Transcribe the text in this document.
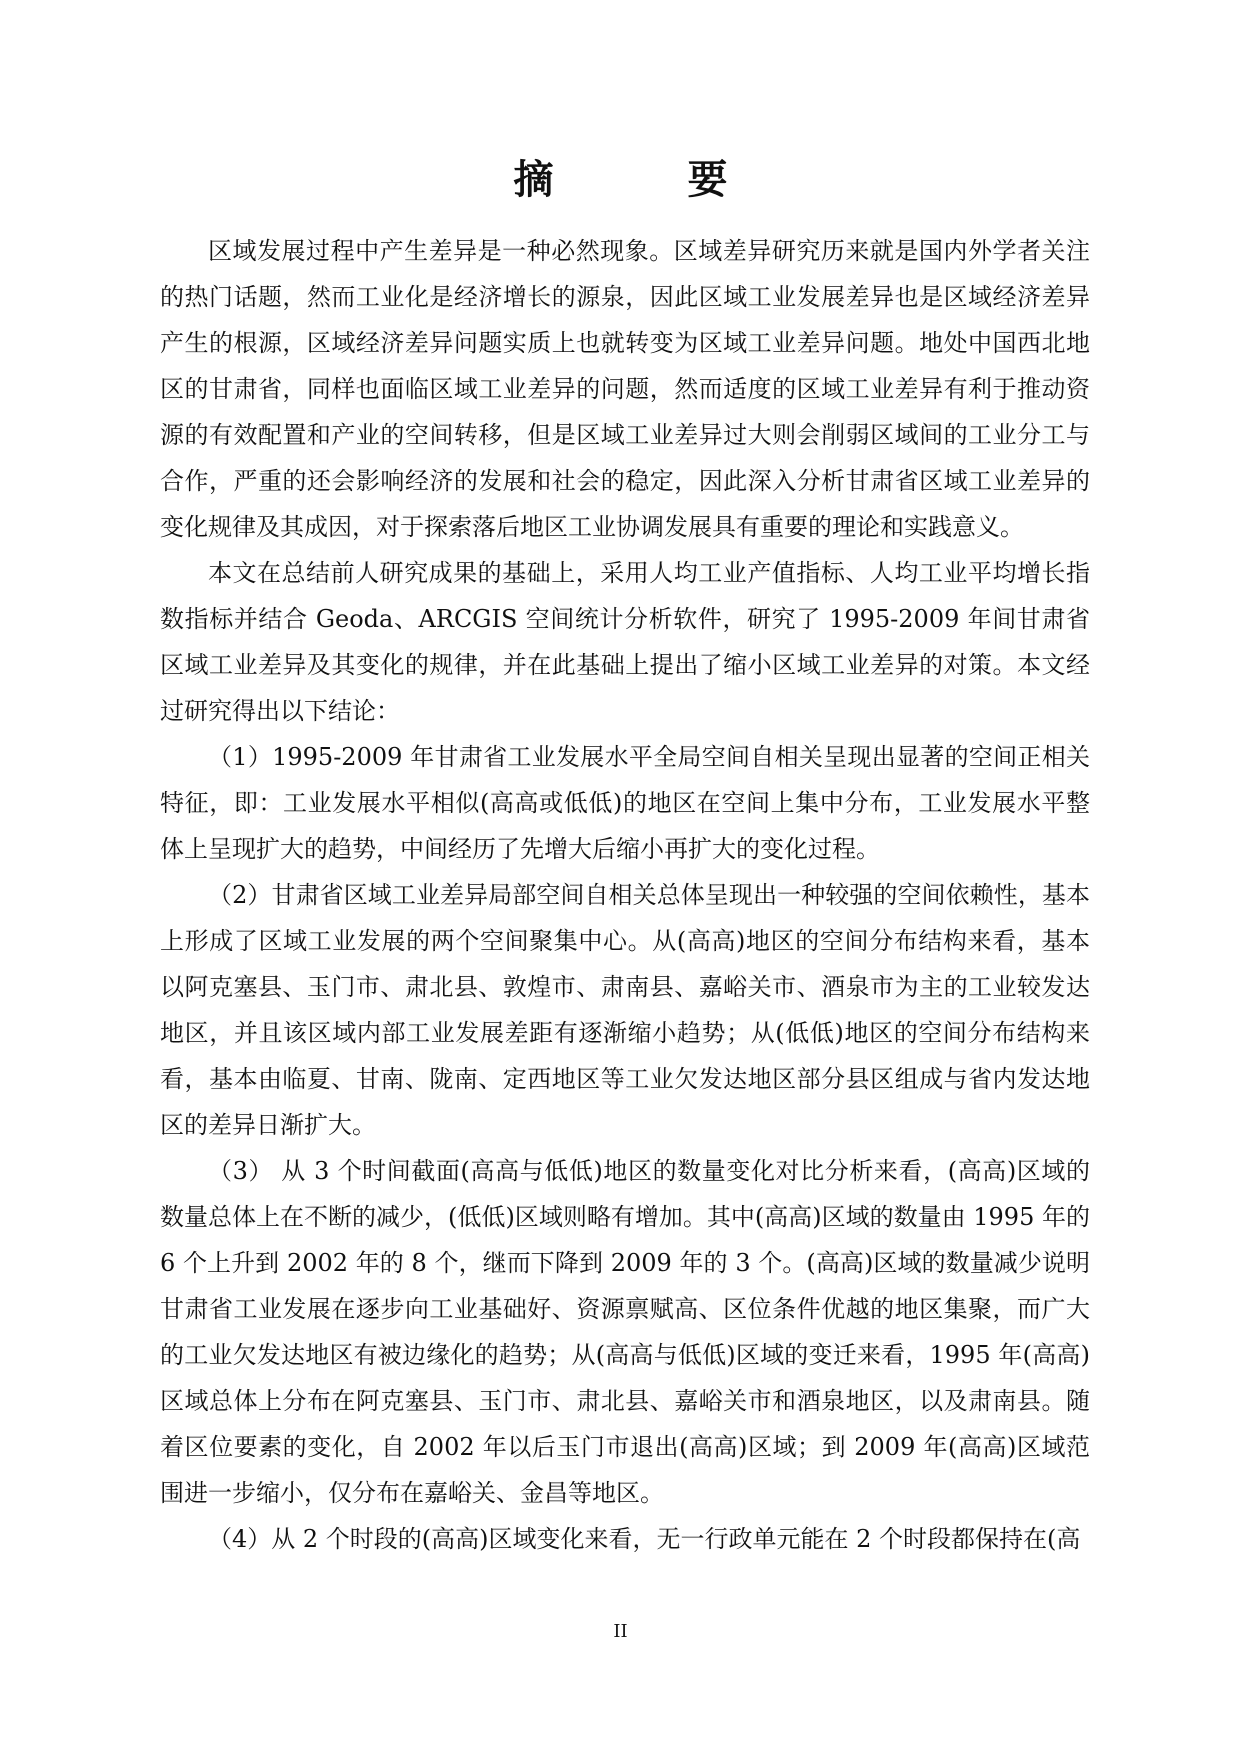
摘 要

区域发展过程中产生差异是一种必然现象。区域差异研究历来就是国内外学者关注的热门话题，然而工业化是经济增长的源泉，因此区域工业发展差异也是区域经济差异产生的根源，区域经济差异问题实质上也就转变为区域工业差异问题。地处中国西北地区的甘肃省，同样也面临区域工业差异的问题，然而适度的区域工业差异有利于推动资源的有效配置和产业的空间转移，但是区域工业差异过大则会削弱区域间的工业分工与合作，严重的还会影响经济的发展和社会的稳定，因此深入分析甘肃省区域工业差异的变化规律及其成因，对于探索落后地区工业协调发展具有重要的理论和实践意义。

本文在总结前人研究成果的基础上，采用人均工业产值指标、人均工业平均增长指数指标并结合 Geoda、ARCGIS 空间统计分析软件，研究了 1995-2009 年间甘肃省区域工业差异及其变化的规律，并在此基础上提出了缩小区域工业差异的对策。本文经过研究得出以下结论：

（1）1995-2009 年甘肃省工业发展水平全局空间自相关呈现出显著的空间正相关特征，即：工业发展水平相似(高高或低低)的地区在空间上集中分布，工业发展水平整体上呈现扩大的趋势，中间经历了先增大后缩小再扩大的变化过程。

（2）甘肃省区域工业差异局部空间自相关总体呈现出一种较强的空间依赖性，基本上形成了区域工业发展的两个空间聚集中心。从(高高)地区的空间分布结构来看，基本以阿克塞县、玉门市、肃北县、敦煌市、肃南县、嘉峪关市、酒泉市为主的工业较发达地区，并且该区域内部工业发展差距有逐渐缩小趋势；从(低低)地区的空间分布结构来看，基本由临夏、甘南、陇南、定西地区等工业欠发达地区部分县区组成与省内发达地区的差异日渐扩大。

（3） 从 3 个时间截面(高高与低低)地区的数量变化对比分析来看，(高高)区域的数量总体上在不断的减少，(低低)区域则略有增加。其中(高高)区域的数量由 1995 年的 6 个上升到 2002 年的 8 个，继而下降到 2009 年的 3 个。(高高)区域的数量减少说明甘肃省工业发展在逐步向工业基础好、资源禀赋高、区位条件优越的地区集聚，而广大的工业欠发达地区有被边缘化的趋势；从(高高与低低)区域的变迁来看，1995 年(高高)区域总体上分布在阿克塞县、玉门市、肃北县、嘉峪关市和酒泉地区，以及肃南县。随着区位要素的变化，自 2002 年以后玉门市退出(高高)区域；到 2009 年(高高)区域范围进一步缩小，仅分布在嘉峪关、金昌等地区。

（4）从 2 个时段的(高高)区域变化来看，无一行政单元能在 2 个时段都保持在(高

II
